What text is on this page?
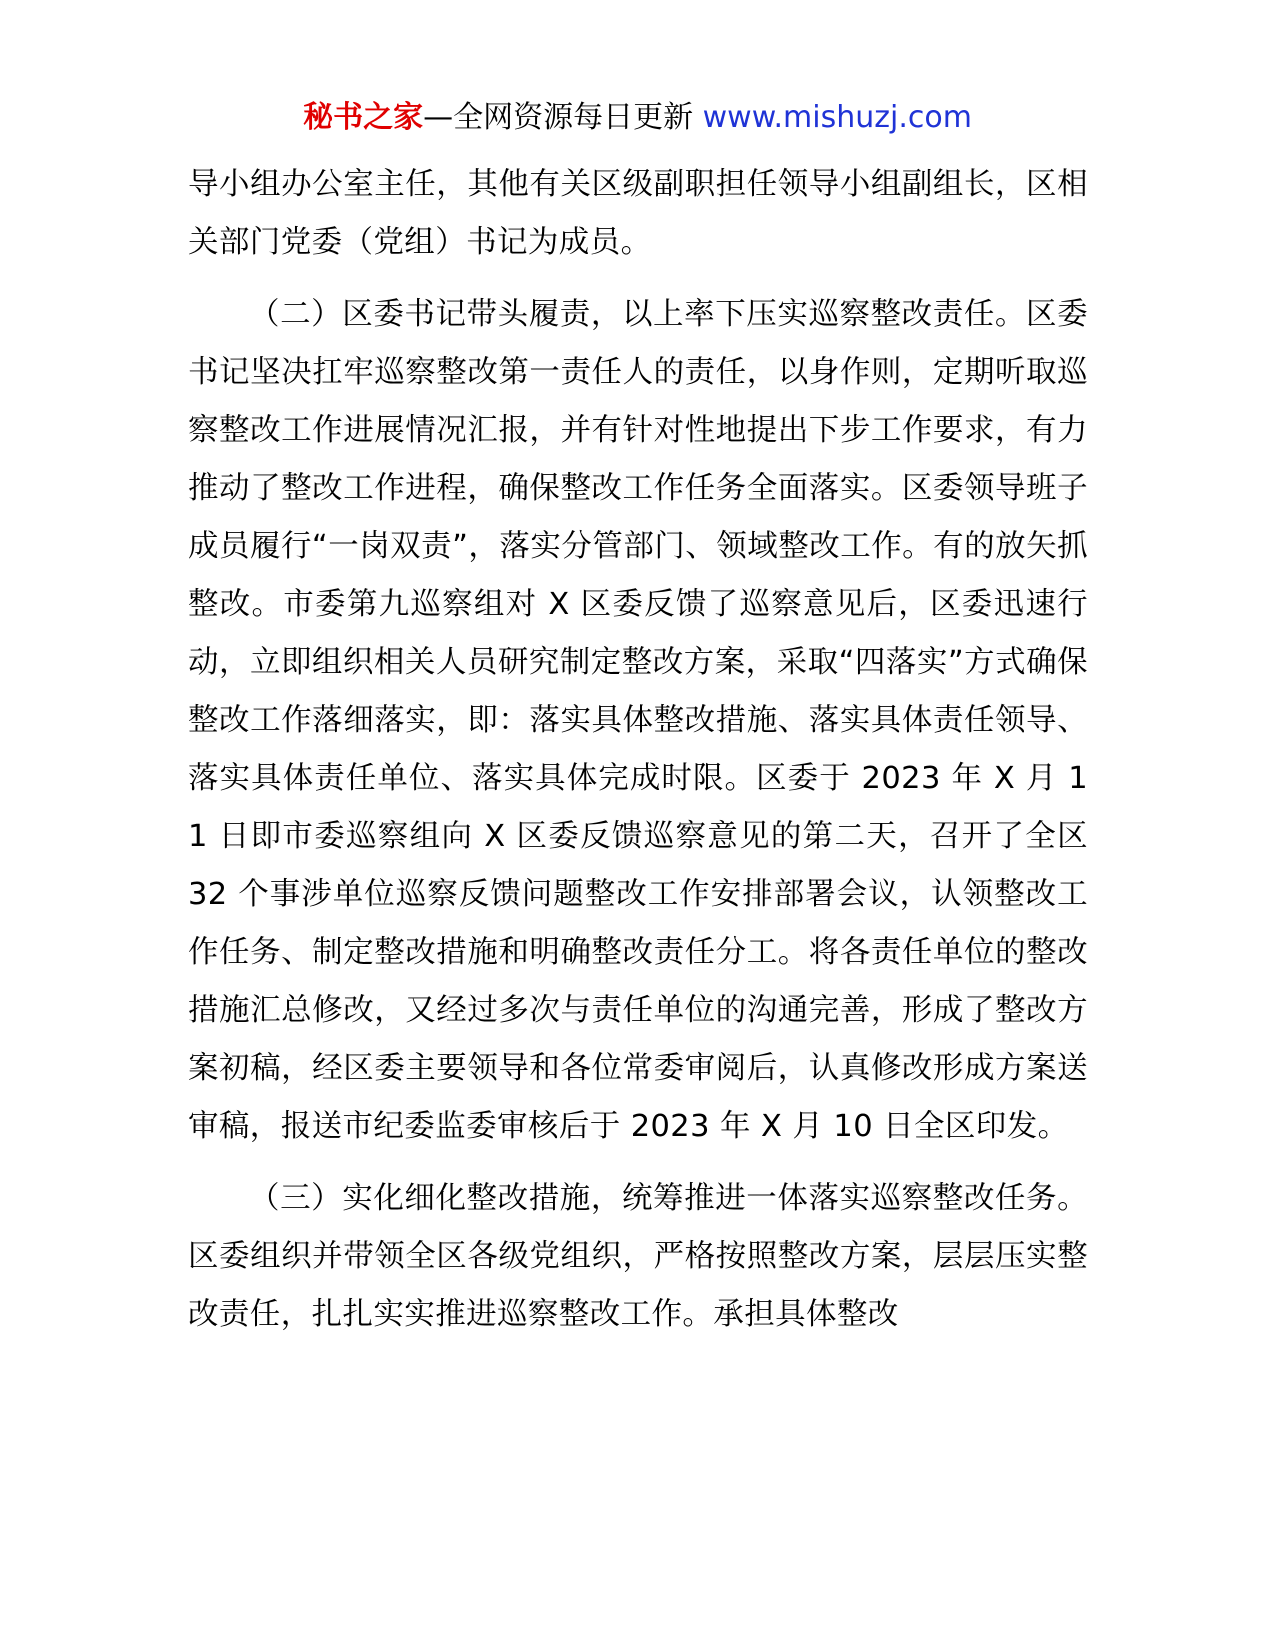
秘书之家—全网资源每日更新 www.mishuzj.com

导小组办公室主任，其他有关区级副职担任领导小组副组长，区相关部门党委（党组）书记为成员。

（二）区委书记带头履责，以上率下压实巡察整改责任。区委书记坚决扛牢巡察整改第一责任人的责任，以身作则，定期听取巡察整改工作进展情况汇报，并有针对性地提出下步工作要求，有力推动了整改工作进程，确保整改工作任务全面落实。区委领导班子成员履行“一岗双责”，落实分管部门、领域整改工作。有的放矢抓整改。市委第九巡察组对 X 区委反馈了巡察意见后，区委迅速行动，立即组织相关人员研究制定整改方案，采取“四落实”方式确保整改工作落细落实，即：落实具体整改措施、落实具体责任领导、落实具体责任单位、落实具体完成时限。区委于 2023 年 X 月 11 日即市委巡察组向 X 区委反馈巡察意见的第二天，召开了全区 32 个事涉单位巡察反馈问题整改工作安排部署会议，认领整改工作任务、制定整改措施和明确整改责任分工。将各责任单位的整改措施汇总修改，又经过多次与责任单位的沟通完善，形成了整改方案初稿，经区委主要领导和各位常委审阅后，认真修改形成方案送审稿，报送市纪委监委审核后于 2023 年 X 月 10 日全区印发。

（三）实化细化整改措施，统筹推进一体落实巡察整改任务。区委组织并带领全区各级党组织，严格按照整改方案，层层压实整改责任，扎扎实实推进巡察整改工作。承担具体整改
